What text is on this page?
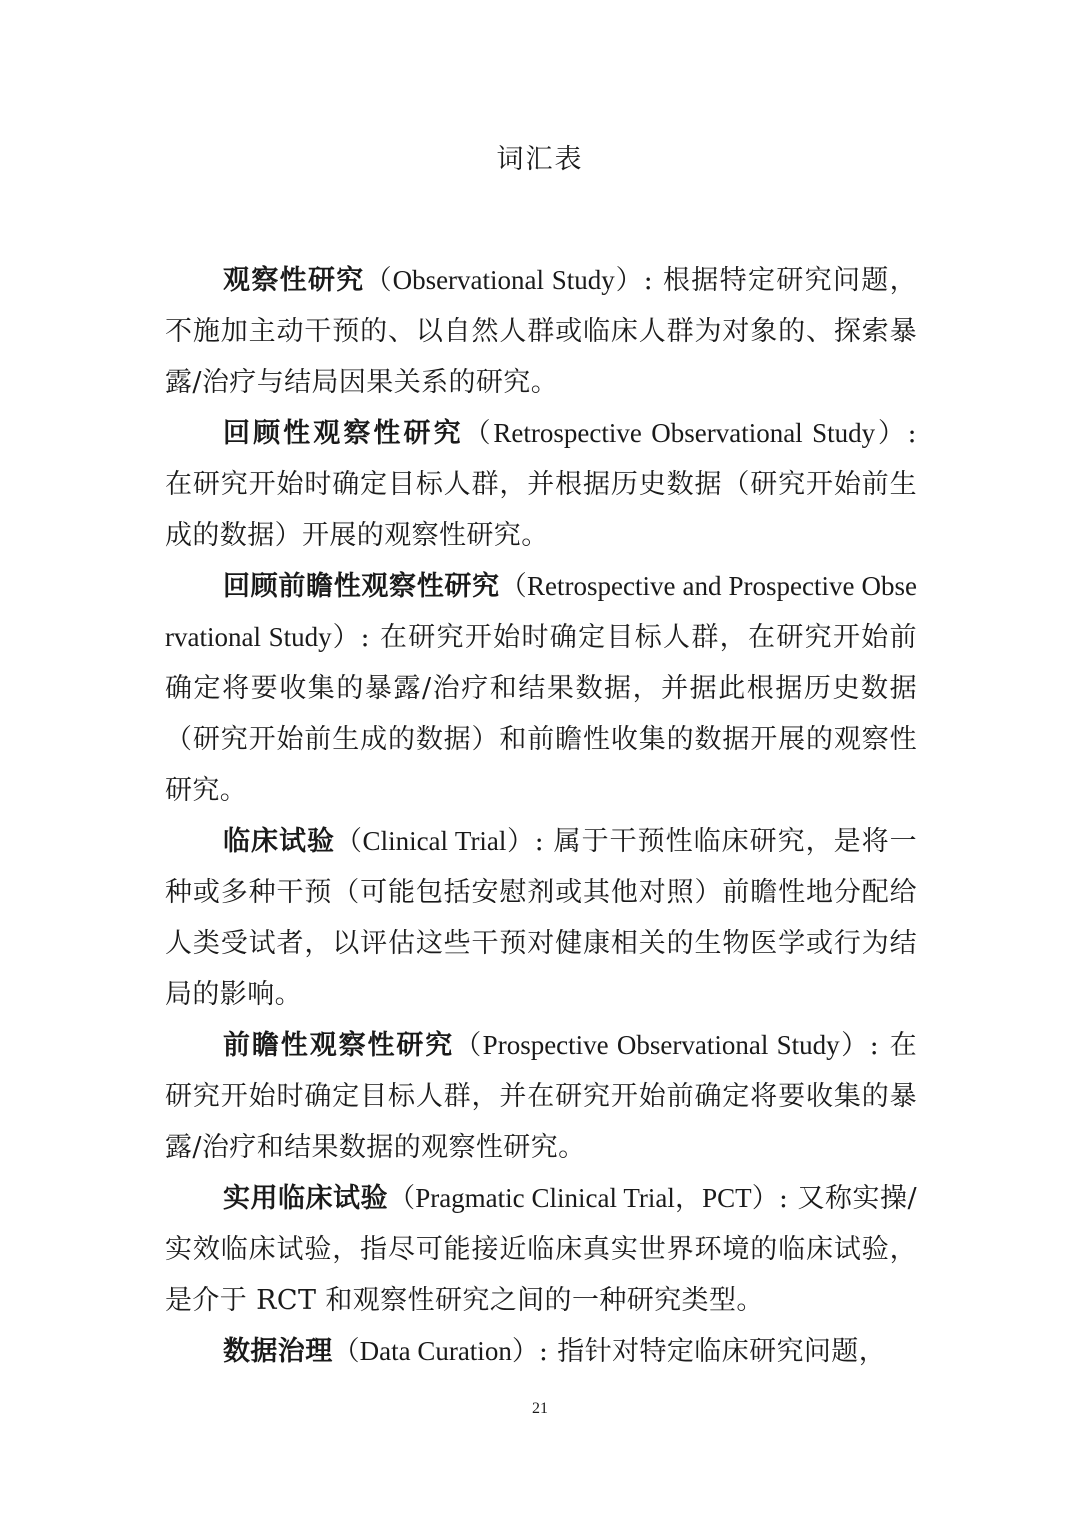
词汇表

观察性研究（Observational Study）: 根据特定研究问题，不施加主动干预的、以自然人群或临床人群为对象的、探索暴露/治疗与结局因果关系的研究。

回顾性观察性研究（Retrospective Observational Study）: 在研究开始时确定目标人群，并根据历史数据（研究开始前生成的数据）开展的观察性研究。

回顾前瞻性观察性研究（Retrospective and Prospective Observational Study）: 在研究开始时确定目标人群，在研究开始前确定将要收集的暴露/治疗和结果数据，并据此根据历史数据（研究开始前生成的数据）和前瞻性收集的数据开展的观察性研究。

临床试验（Clinical Trial）: 属于干预性临床研究，是将一种或多种干预（可能包括安慰剂或其他对照）前瞻性地分配给人类受试者，以评估这些干预对健康相关的生物医学或行为结局的影响。

前瞻性观察性研究（Prospective Observational Study）: 在研究开始时确定目标人群，并在研究开始前确定将要收集的暴露/治疗和结果数据的观察性研究。

实用临床试验（Pragmatic Clinical Trial，PCT）: 又称实操/实效临床试验，指尽可能接近临床真实世界环境的临床试验，是介于 RCT 和观察性研究之间的一种研究类型。

数据治理（Data Curation）: 指针对特定临床研究问题，

21
